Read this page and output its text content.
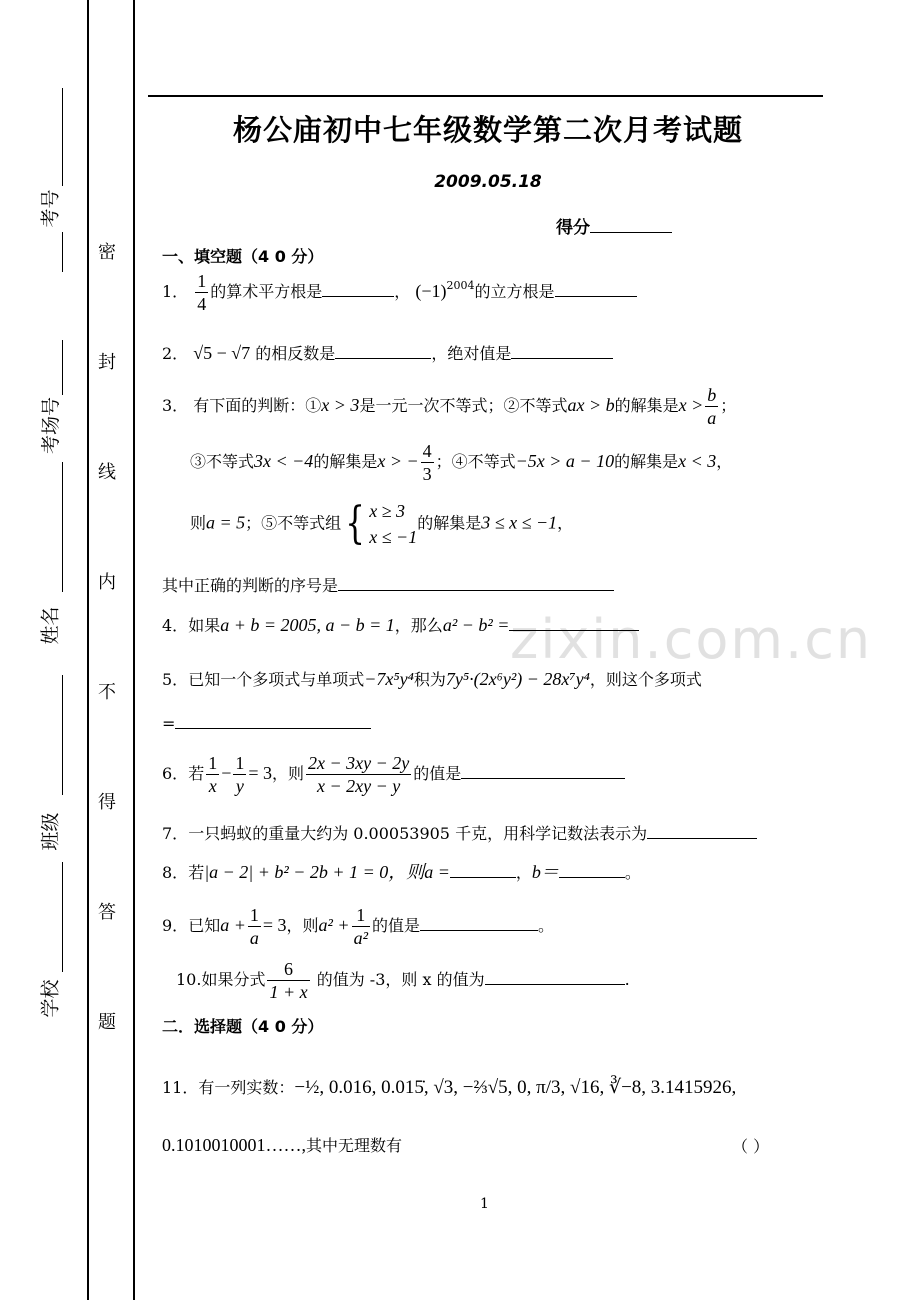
考号
考场号
姓名
班级
学校
密
封
线
内
不
得
答
题
杨公庙初中七年级数学第二次月考试题
2009.05.18
得分
一、填空题（4 0 分）
1． $\frac{1}{4}$ 的算术平方根是	， $(-1)^{2004}$的立方根是
2． √5 − √7 的相反数是	，绝对值是
3． 有下面的判断：①x > 3是一元一次不等式；②不等式ax > b的解集是$x > \frac{b}{a}$ ；
③不等式3x < −4的解集是x > − $\frac{4}{3}$ ；④不等式−5x > a − 10的解集是x < 3，
则a = 5；⑤不等式组{ x ≥ 3
x ≤ −1
的解集是3 ≤ x ≤ −1，
其中正确的判断的序号是
zixin.com.cn
4．如果a + b = 2005, a − b = 1，那么a² − b² =
5．已知一个多项式与单项式−7x⁵y⁴积为7y⁵·(2x⁶y²) − 28x⁷y⁴，则这个多项式
=
6．若 $\frac{1}{x} - \frac{1}{y} = 3$，则 $\frac{2x - 3xy - 2y}{x - 2xy - y}$ 的值是
7．一只蚂蚁的重量大约为 0.00053905 千克，用科学记数法表示为
8．若|a − 2| + b² − 2b + 1 = 0，则a =	，b＝	。
9．已知$a + \frac{1}{a} = 3$，则$a^2 + \frac{1}{\text{a²}}$ 的值是	。
10.如果分式 $\frac{6}{1 + x}$ 的值为 -3，则 x 的值为	.
二．选择题（4 0 分）
11．有一列实数：−½, 0.016, 0.015̇, √3, −⅔√5, 0, π/3, √16, ∛−8, 3.1415926,
0.1010010001……,其中无理数有	（ ）
1
